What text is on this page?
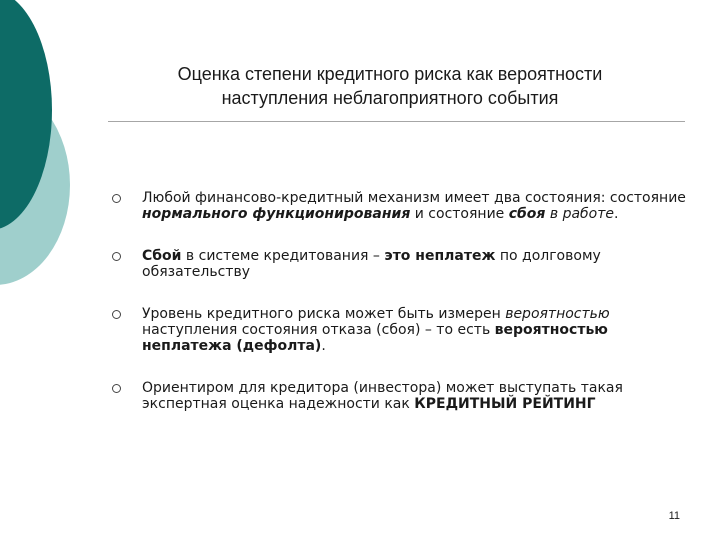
Оценка степени кредитного риска как вероятности
наступления неблагоприятного события
Любой финансово-кредитный механизм имеет два состояния: состояние нормального функционирования и состояние сбоя в работе.
Сбой в системе кредитования – это неплатеж по долговому обязательству
Уровень кредитного риска может быть измерен вероятностью наступления состояния отказа (сбоя) – то есть вероятностью неплатежа (дефолта).
Ориентиром для кредитора (инвестора) может выступать такая экспертная оценка надежности как КРЕДИТНЫЙ РЕЙТИНГ
11
